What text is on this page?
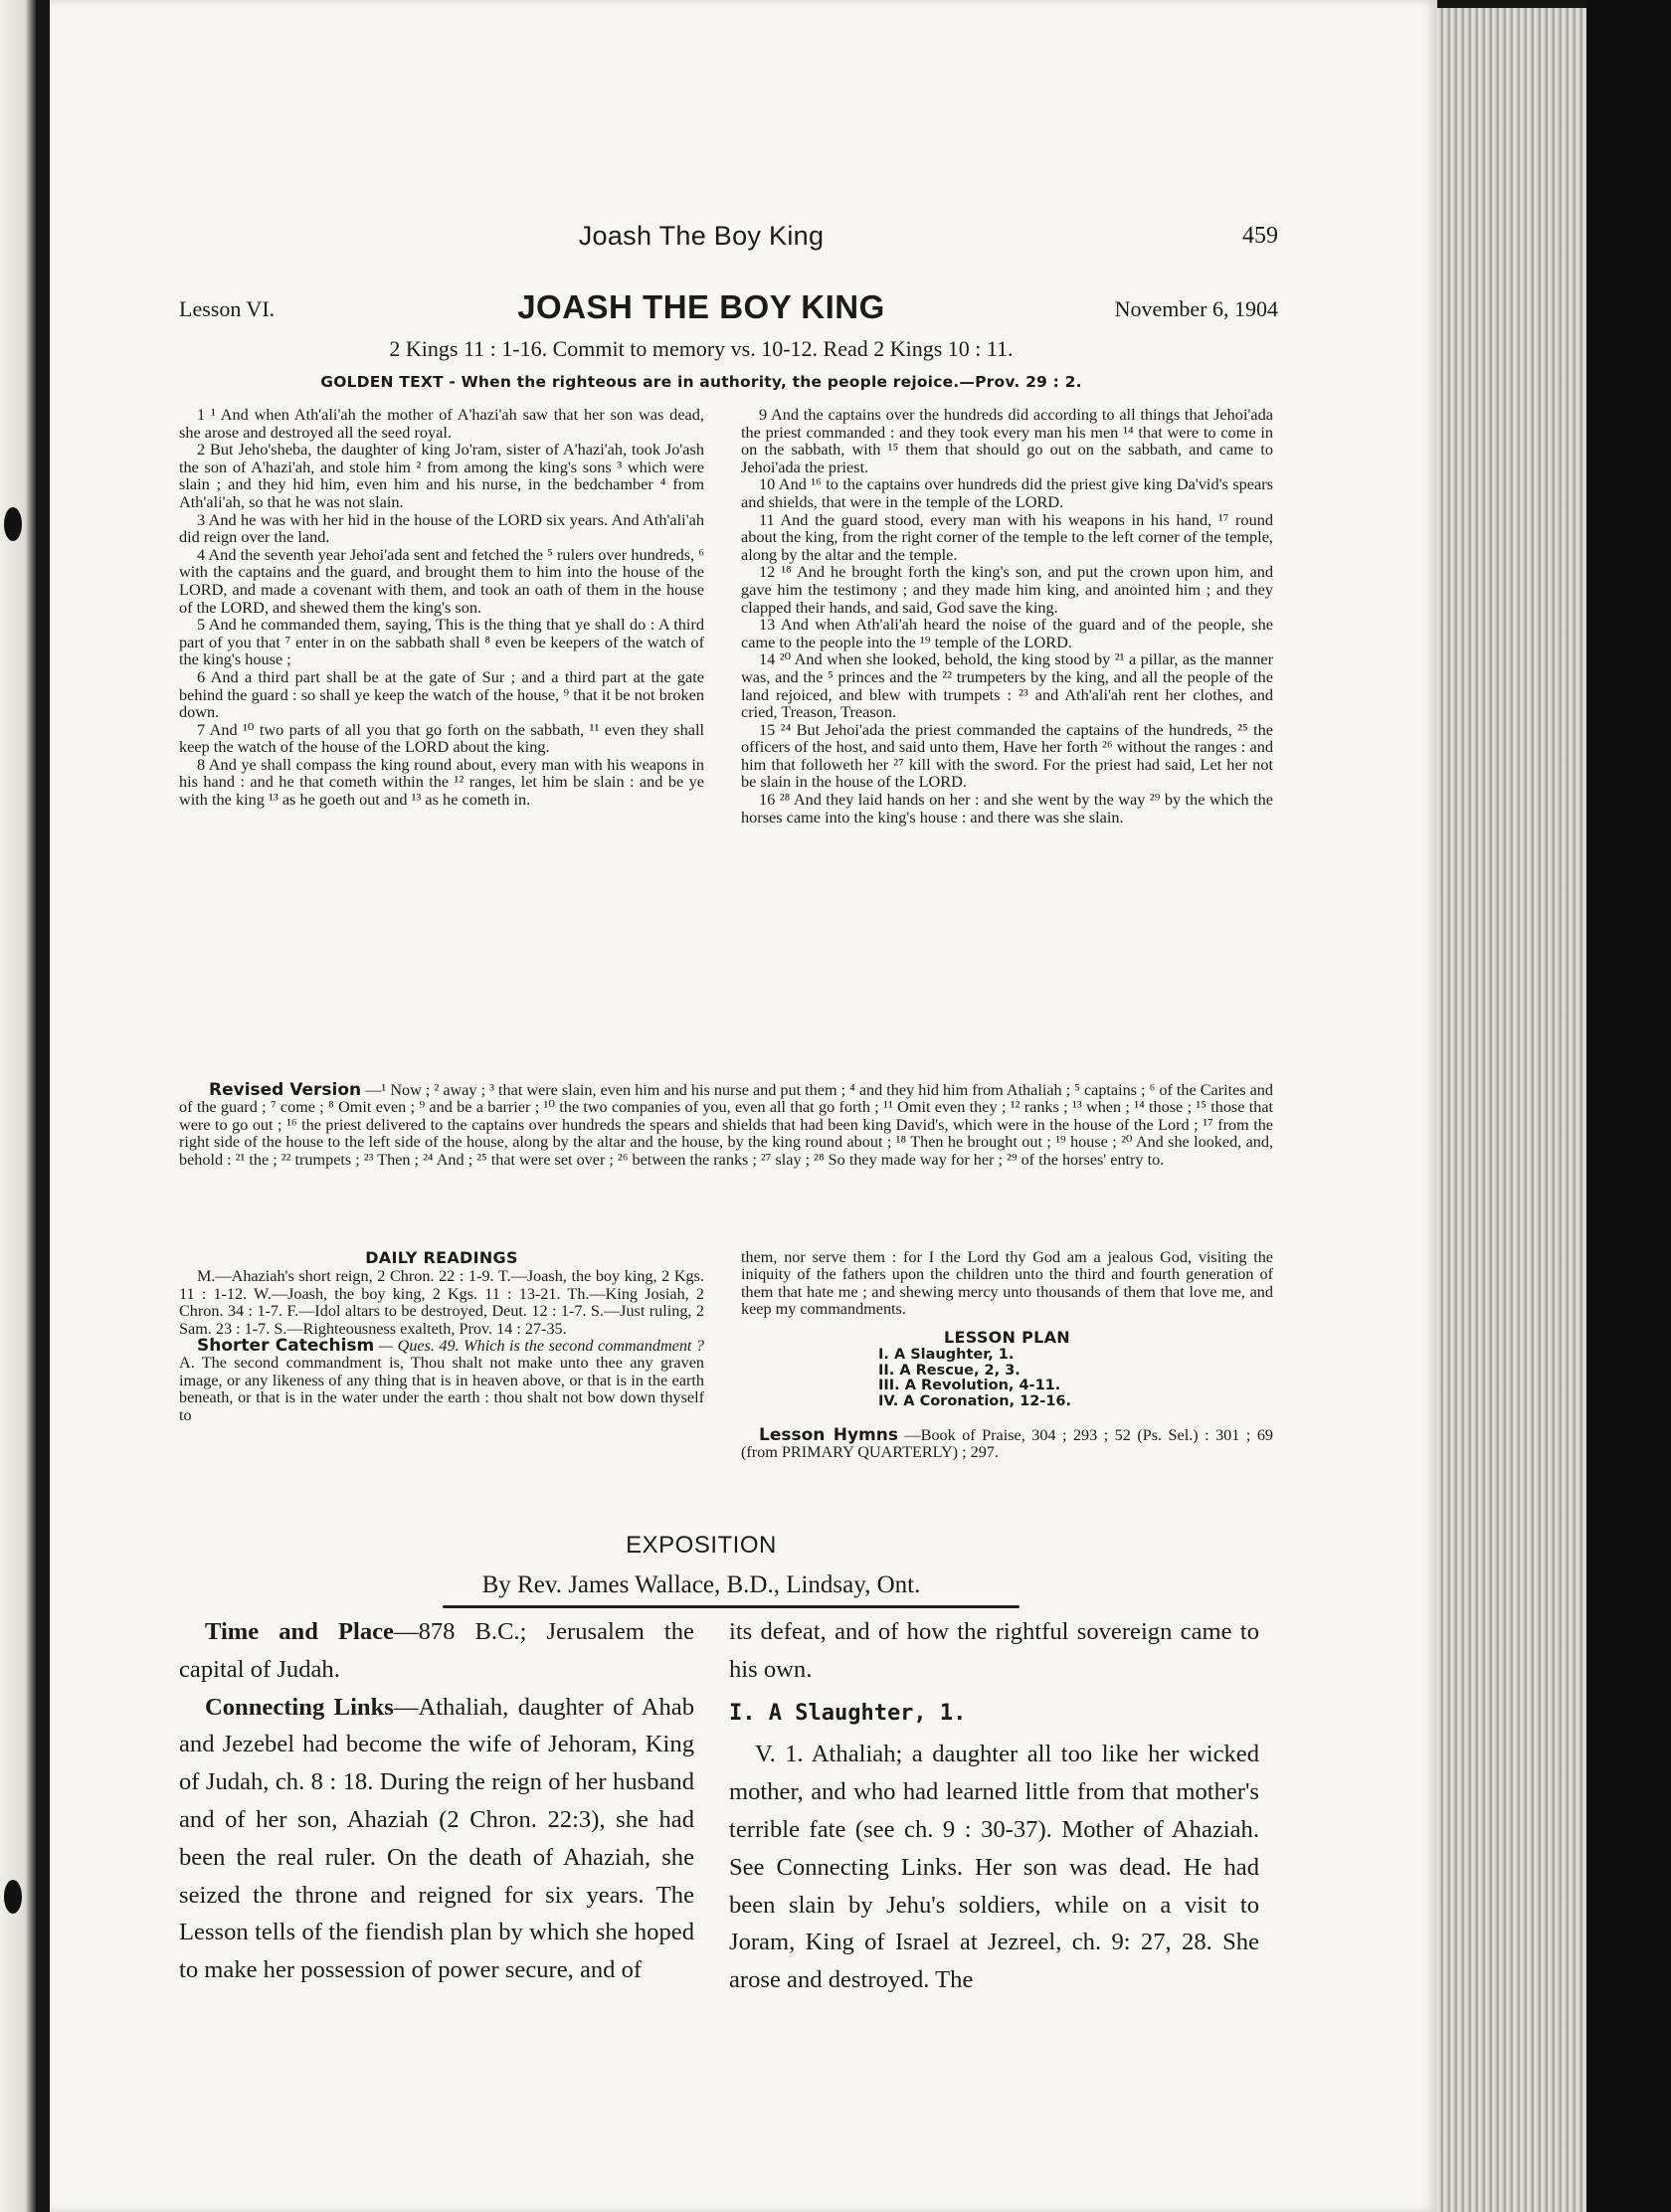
Joash The Boy King	459
JOASH THE BOY KING
Lesson VI.	November 6, 1904
2 Kings 11 : 1-16. Commit to memory vs. 10-12. Read 2 Kings 10 : 11.
GOLDEN TEXT - When the righteous are in authority, the people rejoice.—Prov. 29 : 2.

1 ¹ And when Ath'ali'ah the mother of A'hazi'ah saw that her son was dead, she arose and destroyed all the seed royal.

2 But Jeho'sheba, the daughter of king Jo'ram, sister of A'hazi'ah, took Jo'ash the son of A'hazi'ah, and stole him ² from among the king's sons ³ which were slain ; and they hid him, even him and his nurse, in the bedchamber ⁴ from Ath'ali'ah, so that he was not slain.

3 And he was with her hid in the house of the LORD six years. And Ath'ali'ah did reign over the land.

4 And the seventh year Jehoi'ada sent and fetched the ⁵ rulers over hundreds, ⁶ with the captains and the guard, and brought them to him into the house of the LORD, and made a covenant with them, and took an oath of them in the house of the LORD, and shewed them the king's son.

5 And he commanded them, saying, This is the thing that ye shall do : A third part of you that ⁷ enter in on the sabbath shall ⁸ even be keepers of the watch of the king's house ;

6 And a third part shall be at the gate of Sur ; and a third part at the gate behind the guard : so shall ye keep the watch of the house, ⁹ that it be not broken down.

7 And ¹⁰ two parts of all you that go forth on the sabbath, ¹¹ even they shall keep the watch of the house of the LORD about the king.

8 And ye shall compass the king round about, every man with his weapons in his hand : and he that cometh within the ¹² ranges, let him be slain : and be ye with the king ¹³ as he goeth out and ¹³ as he cometh in.

9 And the captains over the hundreds did according to all things that Jehoi'ada the priest commanded : and they took every man his men ¹⁴ that were to come in on the sabbath, with ¹⁵ them that should go out on the sabbath, and came to Jehoi'ada the priest.

10 And ¹⁶ to the captains over hundreds did the priest give king Da'vid's spears and shields, that were in the temple of the LORD.

11 And the guard stood, every man with his weapons in his hand, ¹⁷ round about the king, from the right corner of the temple to the left corner of the temple, along by the altar and the temple.

12 ¹⁸ And he brought forth the king's son, and put the crown upon him, and gave him the testimony ; and they made him king, and anointed him ; and they clapped their hands, and said, God save the king.

13 And when Ath'ali'ah heard the noise of the guard and of the people, she came to the people into the ¹⁹ temple of the LORD.

14 ²⁰ And when she looked, behold, the king stood by ²¹ a pillar, as the manner was, and the ⁵ princes and the ²² trumpeters by the king, and all the people of the land rejoiced, and blew with trumpets : ²³ and Ath'ali'ah rent her clothes, and cried, Treason, Treason.

15 ²⁴ But Jehoi'ada the priest commanded the captains of the hundreds, ²⁵ the officers of the host, and said unto them, Have her forth ²⁶ without the ranges : and him that followeth her ²⁷ kill with the sword. For the priest had said, Let her not be slain in the house of the LORD.

16 ²⁸ And they laid hands on her : and she went by the way ²⁹ by the which the horses came into the king's house : and there was she slain.

Revised Version —¹ Now ; ² away ; ³ that were slain, even him and his nurse and put them ; ⁴ and they hid him from Athaliah ; ⁵ captains ; ⁶ of the Carites and of the guard ; ⁷ come ; ⁸ Omit even ; ⁹ and be a barrier ; ¹⁰ the two companies of you, even all that go forth ; ¹¹ Omit even they ; ¹² ranks ; ¹³ when ; ¹⁴ those ; ¹⁵ those that were to go out ; ¹⁶ the priest delivered to the captains over hundreds the spears and shields that had been king David's, which were in the house of the Lord ; ¹⁷ from the right side of the house to the left side of the house, along by the altar and the house, by the king round about ; ¹⁸ Then he brought out ; ¹⁹ house ; ²⁰ And she looked, and, behold : ²¹ the ; ²² trumpets ; ²³ Then ; ²⁴ And ; ²⁵ that were set over ; ²⁶ between the ranks ; ²⁷ slay ; ²⁸ So they made way for her ; ²⁹ of the horses' entry to.
DAILY READINGS

M.—Ahaziah's short reign, 2 Chron. 22 : 1-9. T.—Joash, the boy king, 2 Kgs. 11 : 1-12. W.—Joash, the boy king, 2 Kgs. 11 : 13-21. Th.—King Josiah, 2 Chron. 34 : 1-7. F.—Idol altars to be destroyed, Deut. 12 : 1-7. S.—Just ruling, 2 Sam. 23 : 1-7. S.—Righteousness exalteth, Prov. 14 : 27-35.

Shorter Catechism — Ques. 49. Which is the second commandment ? A. The second commandment is, Thou shalt not make unto thee any graven image, or any likeness of any thing that is in heaven above, or that is in the earth beneath, or that is in the water under the earth : thou shalt not bow down thyself to

them, nor serve them : for I the Lord thy God am a jealous God, visiting the iniquity of the fathers upon the children unto the third and fourth generation of them that hate me ; and shewing mercy unto thousands of them that love me, and keep my commandments.
LESSON PLAN
I. A Slaughter, 1.
II. A Rescue, 2, 3.
III. A Revolution, 4-11.
IV. A Coronation, 12-16.

Lesson Hymns —Book of Praise, 304 ; 293 ; 52 (Ps. Sel.) : 301 ; 69 (from PRIMARY QUARTERLY) ; 297.

EXPOSITION
By Rev. James Wallace, B.D., Lindsay, Ont.

Time and Place—878 B.C.; Jerusalem the capital of Judah.

Connecting Links—Athaliah, daughter of Ahab and Jezebel had become the wife of Jehoram, King of Judah, ch. 8 : 18. During the reign of her husband and of her son, Ahaziah (2 Chron. 22:3), she had been the real ruler. On the death of Ahaziah, she seized the throne and reigned for six years. The Lesson tells of the fiendish plan by which she hoped to make her possession of power secure, and of

its defeat, and of how the rightful sovereign came to his own.

I. A Slaughter, 1.

V. 1. Athaliah; a daughter all too like her wicked mother, and who had learned little from that mother's terrible fate (see ch. 9 : 30-37). Mother of Ahaziah. See Connecting Links. Her son was dead. He had been slain by Jehu's soldiers, while on a visit to Joram, King of Israel at Jezreel, ch. 9: 27, 28. She arose and destroyed. The
